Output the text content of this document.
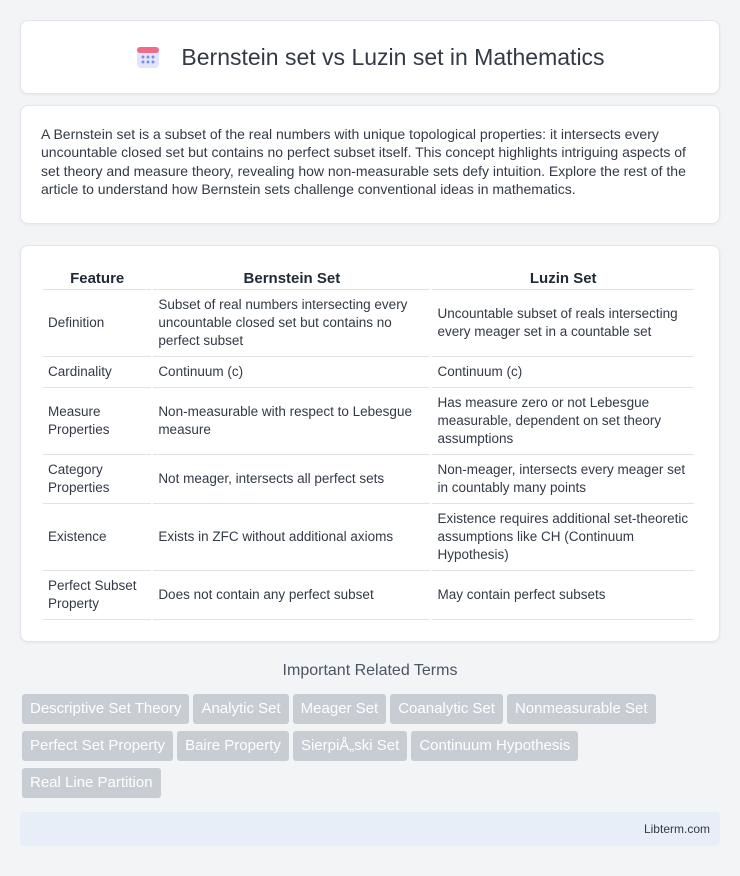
Bernstein set vs Luzin set in Mathematics

A Bernstein set is a subset of the real numbers with unique topological properties: it intersects every uncountable closed set but contains no perfect subset itself. This concept highlights intriguing aspects of set theory and measure theory, revealing how non-measurable sets defy intuition. Explore the rest of the article to understand how Bernstein sets challenge conventional ideas in mathematics.

Feature	Bernstein Set	Luzin Set
Definition	Subset of real numbers intersecting every uncountable closed set but contains no perfect subset	Uncountable subset of reals intersecting every meager set in a countable set
Cardinality	Continuum (c)	Continuum (c)
Measure Properties	Non-measurable with respect to Lebesgue measure	Has measure zero or not Lebesgue measurable, dependent on set theory assumptions
Category Properties	Not meager, intersects all perfect sets	Non-meager, intersects every meager set in countably many points
Existence	Exists in ZFC without additional axioms	Existence requires additional set-theoretic assumptions like CH (Continuum Hypothesis)
Perfect Subset Property	Does not contain any perfect subset	May contain perfect subsets
Important Related Terms
Descriptive Set Theory Analytic Set Meager Set Coanalytic Set Nonmeasurable SetPerfect Set Property Baire Property SierpiÅ„ski Set Continuum HypothesisReal Line Partition
Libterm.com
